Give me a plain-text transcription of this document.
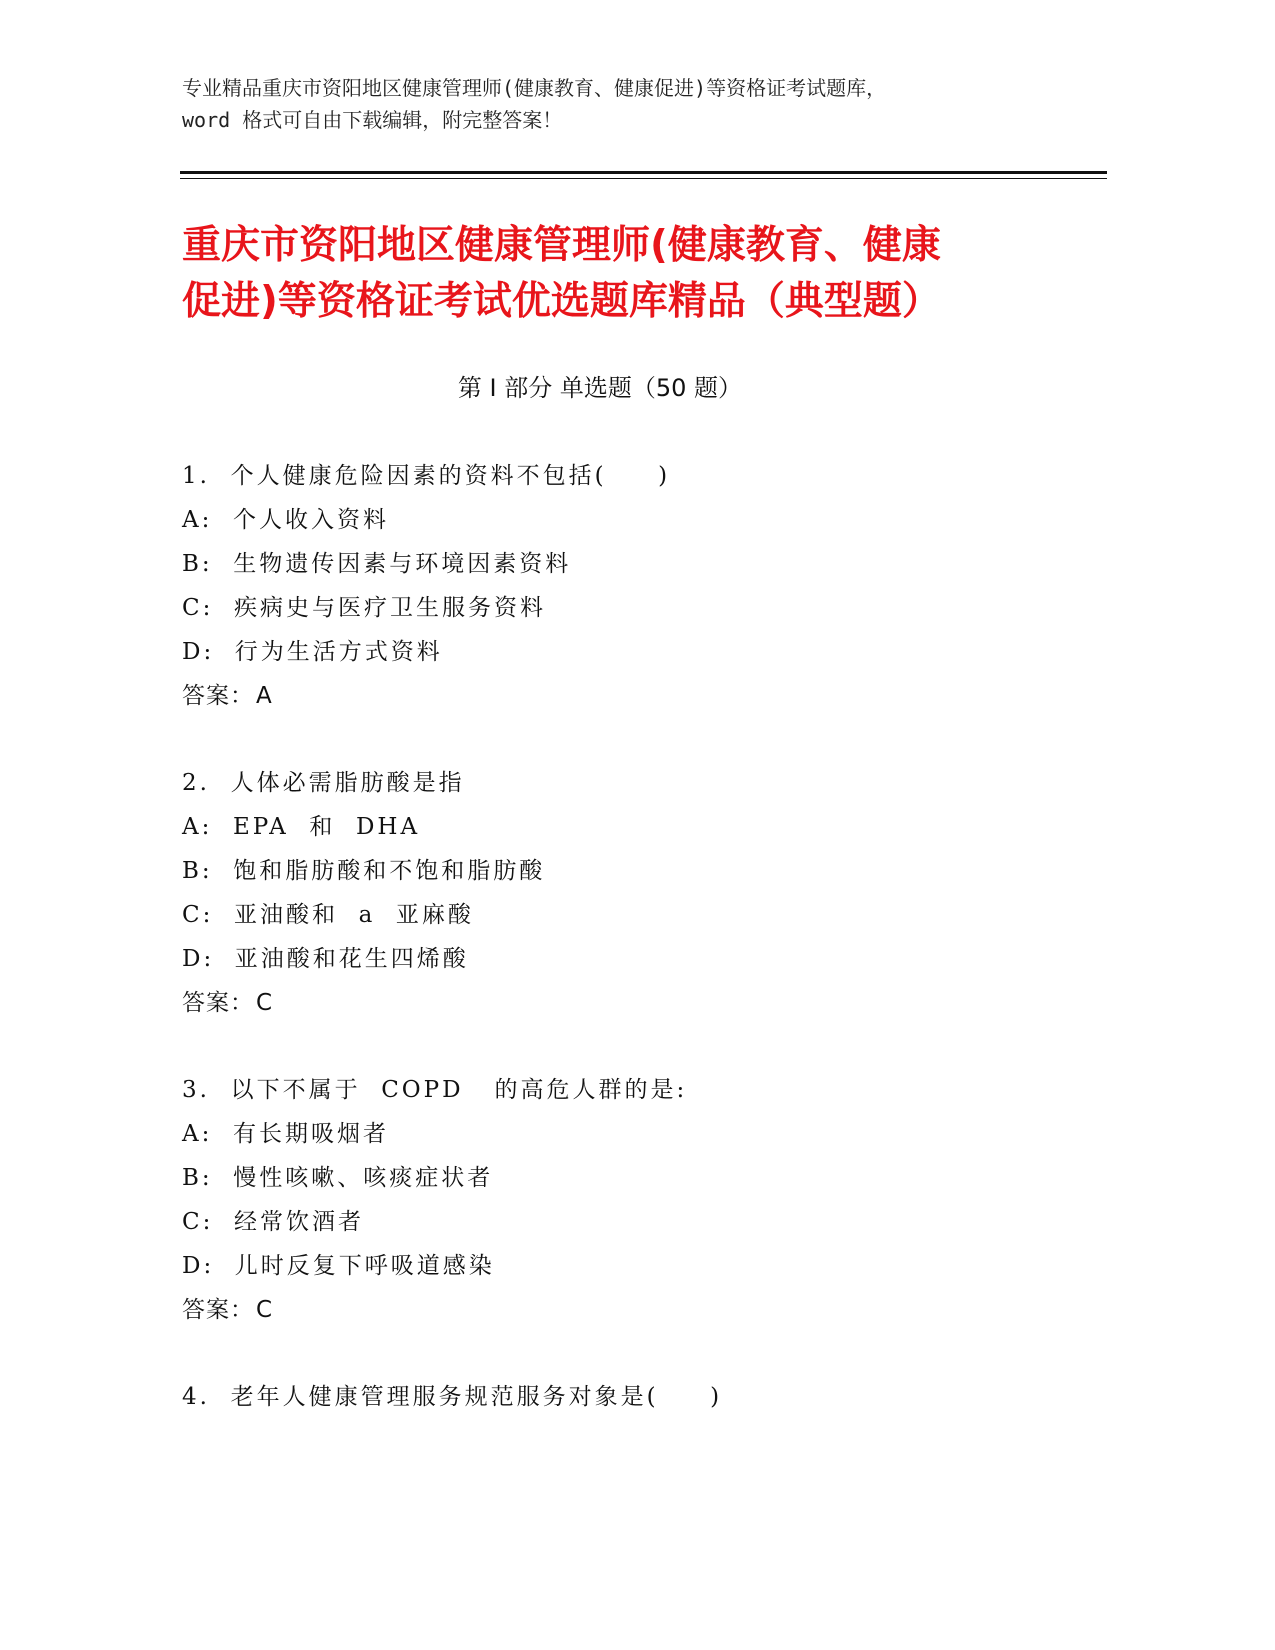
专业精品重庆市资阳地区健康管理师(健康教育、健康促进)等资格证考试题库，
word 格式可自由下载编辑，附完整答案！
重庆市资阳地区健康管理师(健康教育、健康
促进)等资格证考试优选题库精品（典型题）
第 I 部分 单选题（50 题）
1.  个人健康危险因素的资料不包括(     )
A:  个人收入资料
B:  生物遗传因素与环境因素资料
C:  疾病史与医疗卫生服务资料
D:  行为生活方式资料
答案：A
2.  人体必需脂肪酸是指
A:  EPA  和  DHA
B:  饱和脂肪酸和不饱和脂肪酸
C:  亚油酸和  a  亚麻酸
D:  亚油酸和花生四烯酸
答案：C
3.  以下不属于  COPD   的高危人群的是:
A:  有长期吸烟者
B:  慢性咳嗽、咳痰症状者
C:  经常饮酒者
D:  儿时反复下呼吸道感染
答案：C
4.  老年人健康管理服务规范服务对象是(     )
